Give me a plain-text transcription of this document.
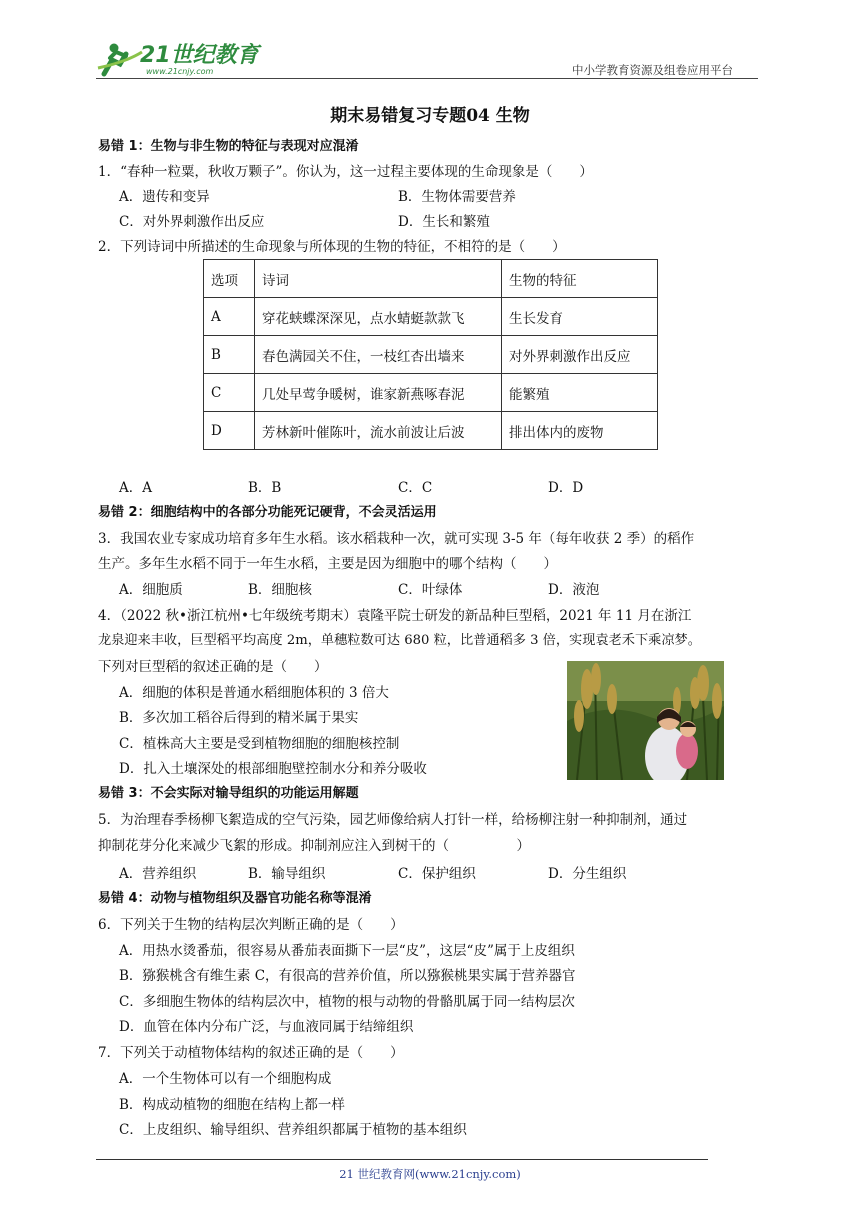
21世纪教育
www.21cnjy.com	中小学教育资源及组卷应用平台
期末易错复习专题04 生物
易错 1：生物与非生物的特征与表现对应混淆
1．“春种一粒粟，秋收万颗子”。你认为，这一过程主要体现的生命现象是（　　）
A．遗传和变异	B．生物体需要营养
C．对外界刺激作出反应	D．生长和繁殖
2．下列诗词中所描述的生命现象与所体现的生物的特征，不相符的是（　　）
选项	诗词	生物的特征
A	穿花蛱蝶深深见，点水蜻蜓款款飞	生长发育
B	春色满园关不住，一枝红杏出墙来	对外界刺激作出反应
C	几处早莺争暖树，谁家新燕啄春泥	能繁殖
D	芳林新叶催陈叶，流水前波让后波	排出体内的废物
A．A	B．B	C．C	D．D
易错 2：细胞结构中的各部分功能死记硬背，不会灵活运用
3．我国农业专家成功培育多年生水稻。该水稻栽种一次，就可实现 3-5 年（每年收获 2 季）的稻作
生产。多年生水稻不同于一年生水稻，主要是因为细胞中的哪个结构（　　）
A．细胞质	B．细胞核	C．叶绿体	D．液泡
4．（2022 秋•浙江杭州•七年级统考期末）袁隆平院士研发的新品种巨型稻，2021 年 11 月在浙江
龙泉迎来丰收，巨型稻平均高度 2m，单穗粒数可达 680 粒，比普通稻多 3 倍，实现袁老禾下乘凉梦。
下列对巨型稻的叙述正确的是（　　）
A．细胞的体积是普通水稻细胞体积的 3 倍大
B．多次加工稻谷后得到的精米属于果实
C．植株高大主要是受到植物细胞的细胞核控制
D．扎入土壤深处的根部细胞壁控制水分和养分吸收
易错 3：不会实际对输导组织的功能运用解题
5．为治理春季杨柳飞絮造成的空气污染，园艺师像给病人打针一样，给杨柳注射一种抑制剂，通过
抑制花芽分化来减少飞絮的形成。抑制剂应注入到树干的（　　　　　）
A．营养组织	B．输导组织	C．保护组织	D．分生组织
易错 4：动物与植物组织及器官功能名称等混淆
6．下列关于生物的结构层次判断正确的是（　　）
A．用热水烫番茄，很容易从番茄表面撕下一层“皮”，这层“皮”属于上皮组织
B．猕猴桃含有维生素 C，有很高的营养价值，所以猕猴桃果实属于营养器官
C．多细胞生物体的结构层次中，植物的根与动物的骨骼肌属于同一结构层次
D．血管在体内分布广泛，与血液同属于结缔组织
7．下列关于动植物体结构的叙述正确的是（　　）
A．一个生物体可以有一个细胞构成
B．构成动植物的细胞在结构上都一样
C．上皮组织、输导组织、营养组织都属于植物的基本组织
21 世纪教育网(www.21cnjy.com)
